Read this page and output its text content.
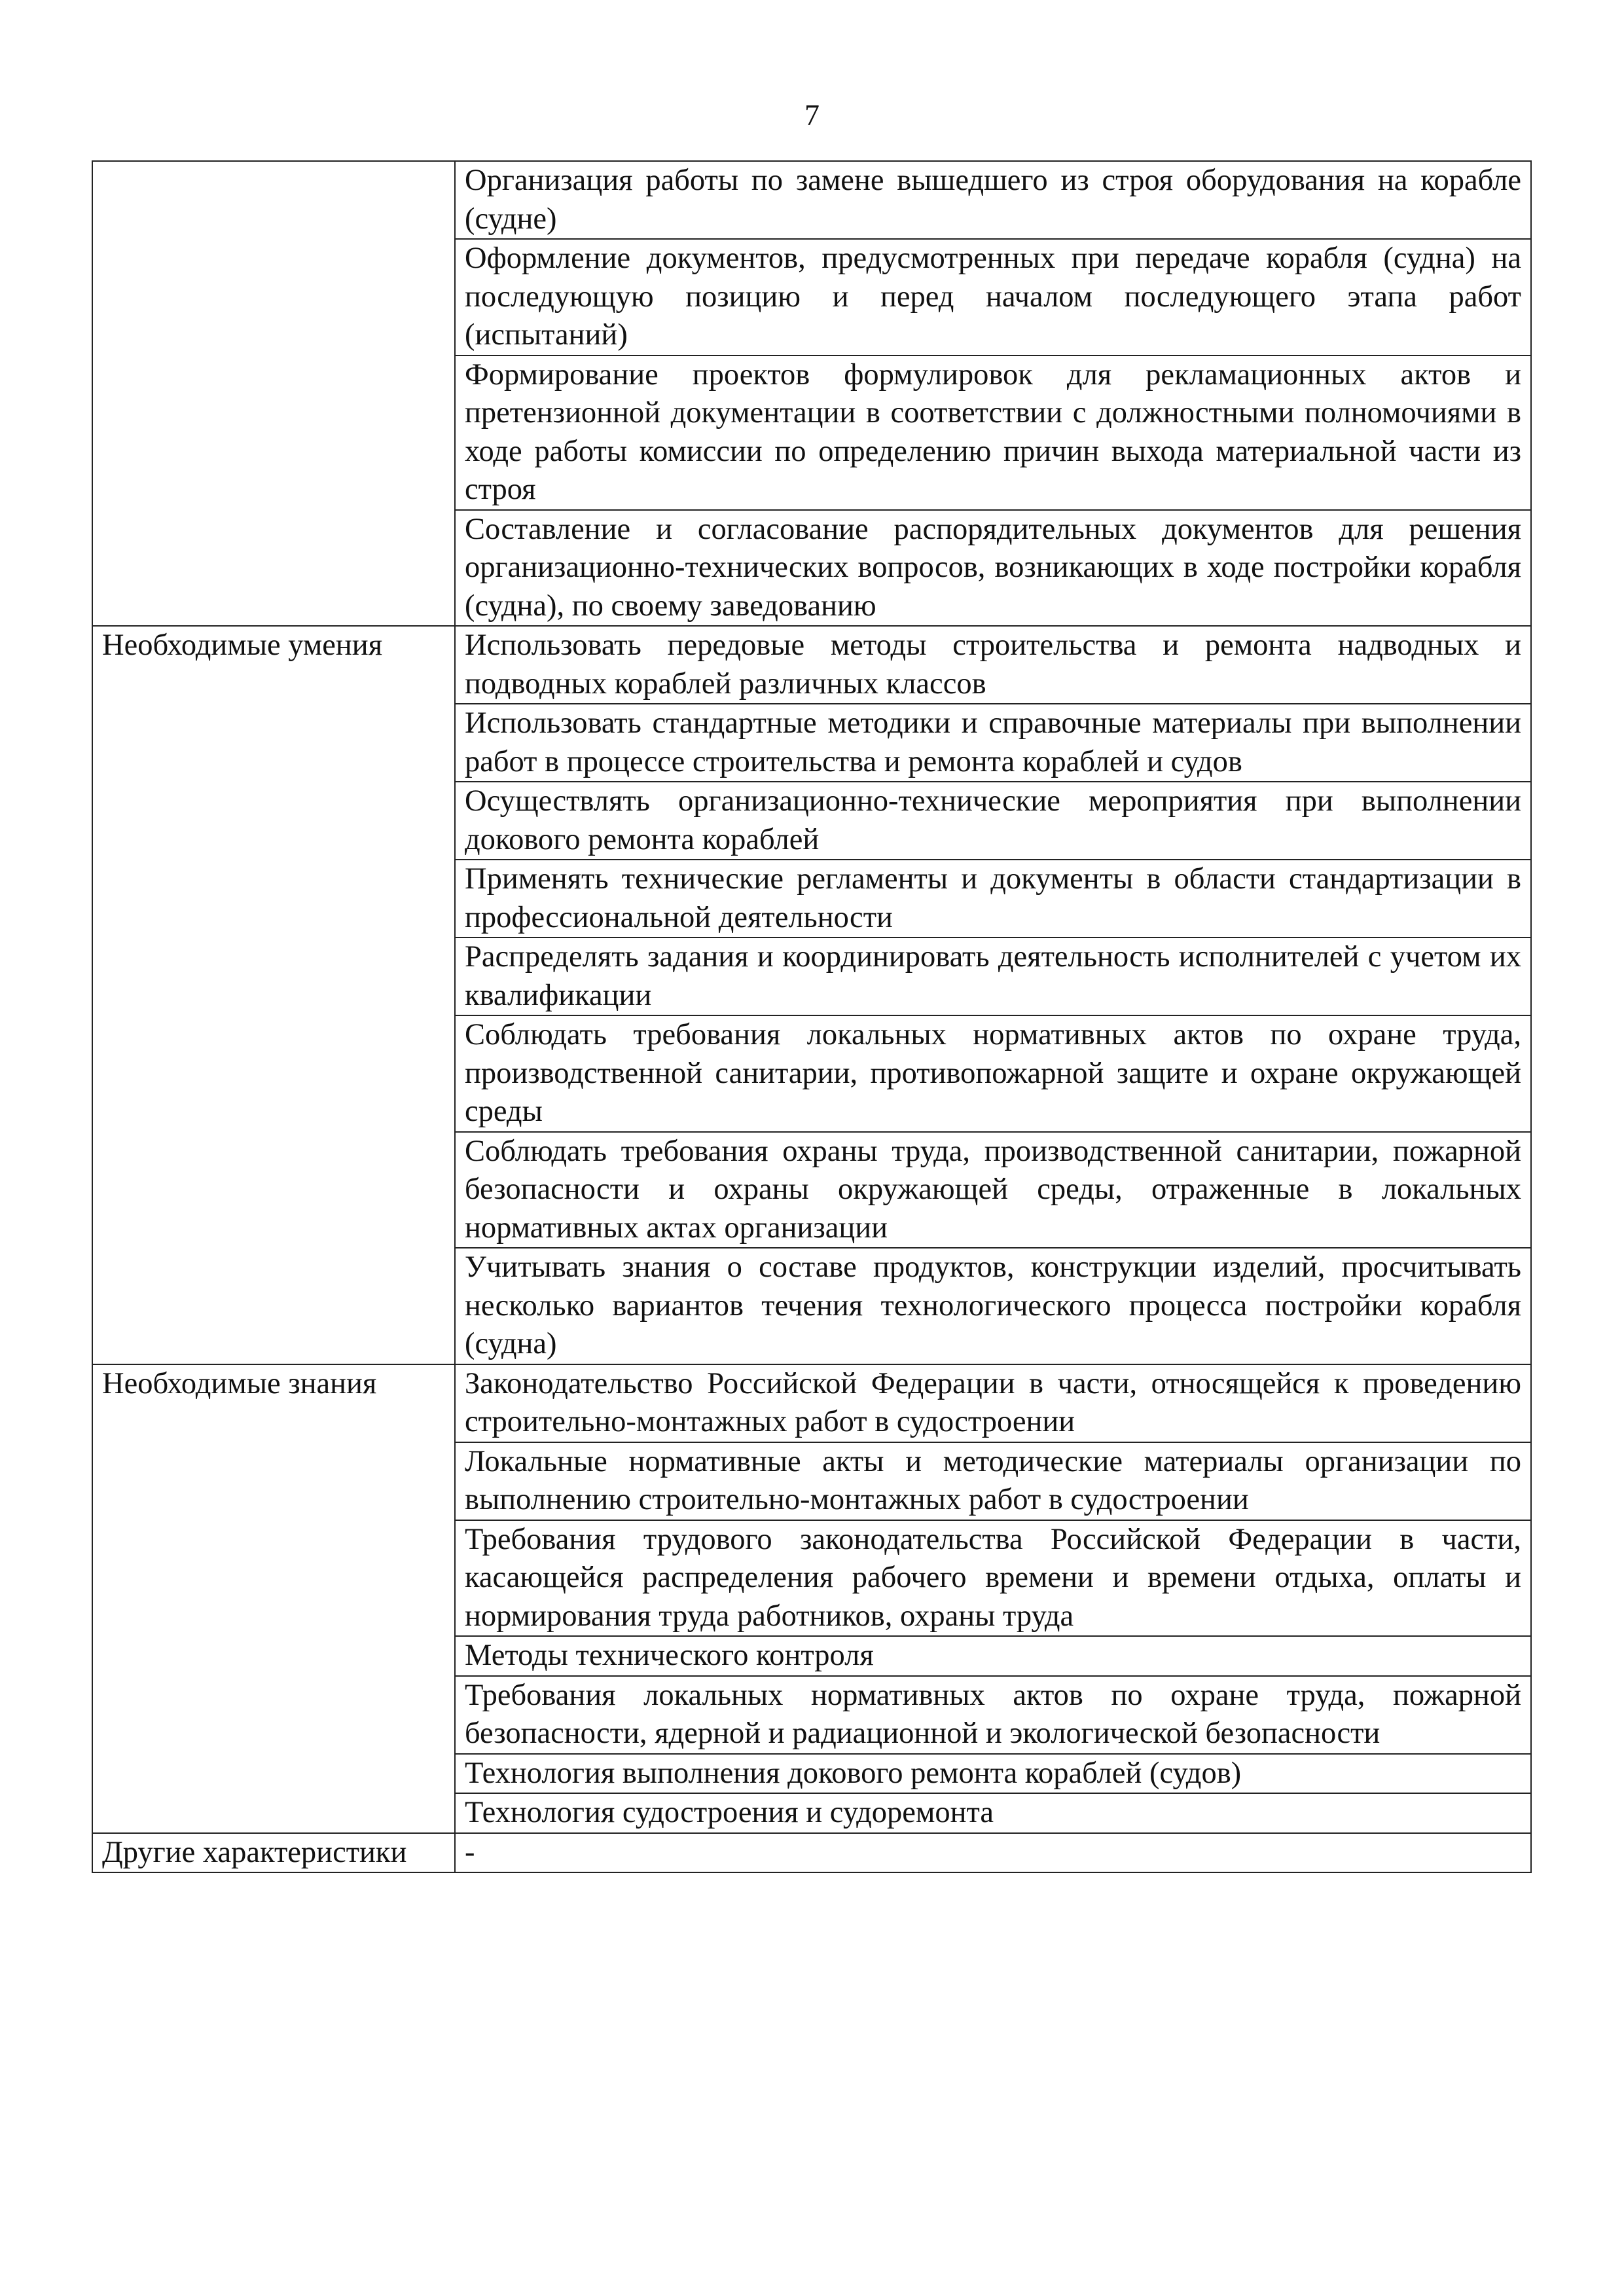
7
	Организация работы по замене вышедшего из строя оборудования на корабле (судне)
	Оформление документов, предусмотренных при передаче корабля (судна) на последующую позицию и перед началом последующего этапа работ (испытаний)
	Формирование проектов формулировок для рекламационных актов и претензионной документации в соответствии с должностными полномочиями в ходе работы комиссии по определению причин выхода материальной части из строя
	Составление и согласование распорядительных документов для решения организационно-технических вопросов, возникающих в ходе постройки корабля (судна), по своему заведованию
Необходимые умения	Использовать передовые методы строительства и ремонта надводных и подводных кораблей различных классов
	Использовать стандартные методики и справочные материалы при выполнении работ в процессе строительства и ремонта кораблей и судов
	Осуществлять организационно-технические мероприятия при выполнении докового ремонта кораблей
	Применять технические регламенты и документы в области стандартизации в профессиональной деятельности
	Распределять задания и координировать деятельность исполнителей с учетом их квалификации
	Соблюдать требования локальных нормативных актов по охране труда, производственной санитарии, противопожарной защите и охране окружающей среды
	Соблюдать требования охраны труда, производственной санитарии, пожарной безопасности и охраны окружающей среды, отраженные в локальных нормативных актах организации
	Учитывать знания о составе продуктов, конструкции изделий, просчитывать несколько вариантов течения технологического процесса постройки корабля (судна)
Необходимые знания	Законодательство Российской Федерации в части, относящейся к проведению строительно-монтажных работ в судостроении
	Локальные нормативные акты и методические материалы организации по выполнению строительно-монтажных работ в судостроении
	Требования трудового законодательства Российской Федерации в части, касающейся распределения рабочего времени и времени отдыха, оплаты и нормирования труда работников, охраны труда
	Методы технического контроля
	Требования локальных нормативных актов по охране труда, пожарной безопасности, ядерной и радиационной и экологической безопасности
	Технология выполнения докового ремонта кораблей (судов)
	Технология судостроения и судоремонта
Другие характеристики	-
